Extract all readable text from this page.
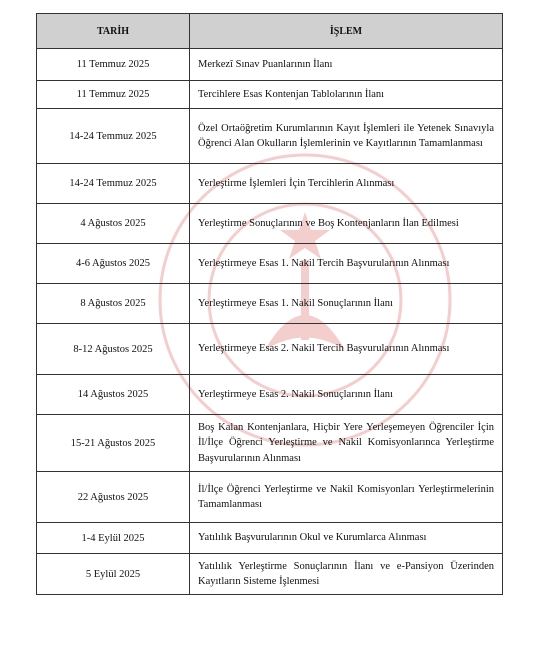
TARİH	İŞLEM
11 Temmuz 2025	Merkezî Sınav Puanlarının İlanı
11 Temmuz 2025	Tercihlere Esas Kontenjan Tablolarının İlanı
14-24 Temmuz 2025	Özel Ortaöğretim Kurumlarının Kayıt İşlemleri ile Yetenek Sınavıyla Öğrenci Alan Okulların İşlemlerinin ve Kayıtlarının Tamamlanması
14-24 Temmuz 2025	Yerleştirme İşlemleri İçin Tercihlerin Alınması
4 Ağustos 2025	Yerleştirme Sonuçlarının ve Boş Kontenjanların İlan Edilmesi
4-6 Ağustos 2025	Yerleştirmeye Esas 1. Nakil Tercih Başvurularının Alınması
8 Ağustos 2025	Yerleştirmeye Esas 1. Nakil Sonuçlarının İlanı
8-12 Ağustos 2025	Yerleştirmeye Esas 2. Nakil Tercih Başvurularının Alınması
14 Ağustos 2025	Yerleştirmeye Esas 2. Nakil Sonuçlarının İlanı
15-21 Ağustos 2025	Boş Kalan Kontenjanlara, Hiçbir Yere Yerleşemeyen Öğrenciler İçin İl/İlçe Öğrenci Yerleştirme ve Nakil Komisyonlarınca Yerleştirme Başvurularının Alınması
22 Ağustos 2025	İl/İlçe Öğrenci Yerleştirme ve Nakil Komisyonları Yerleştirmelerinin Tamamlanması
1-4 Eylül 2025	Yatılılık Başvurularının Okul ve Kurumlarca Alınması
5 Eylül 2025	Yatılılık Yerleştirme Sonuçlarının İlanı ve e-Pansiyon Üzerinden Kayıtların Sisteme İşlenmesi
